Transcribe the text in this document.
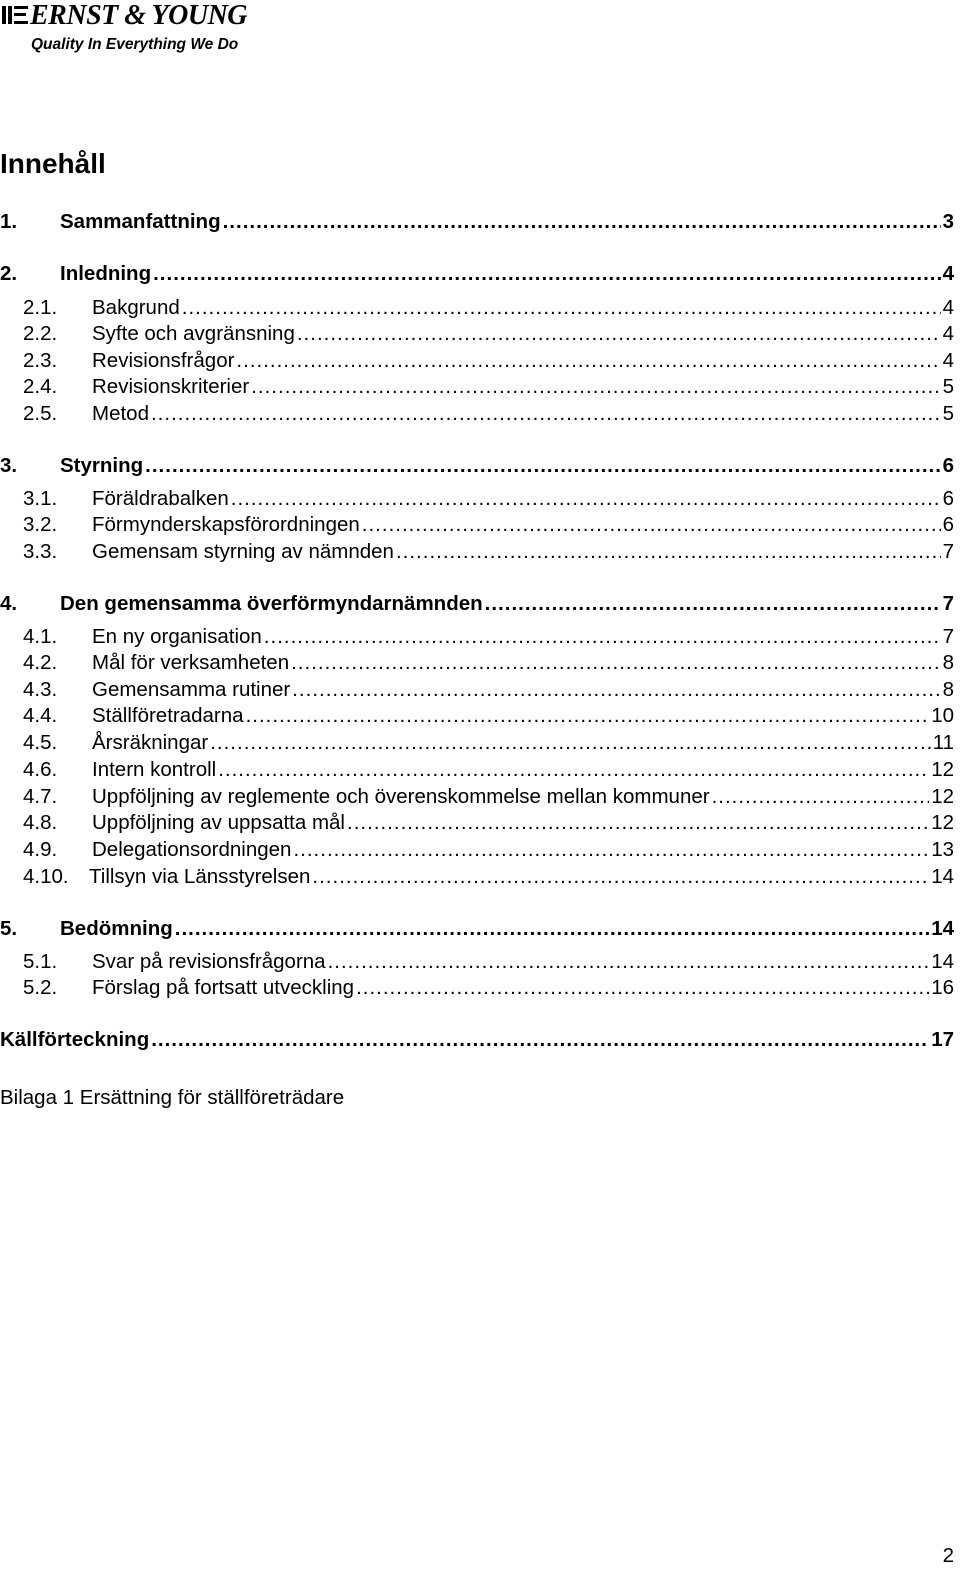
ERNST & YOUNG
Quality In Everything We Do
Innehåll
1.	Sammanfattning .....	3
2.	Inledning .....	4
2.1.	Bakgrund .....	4
2.2.	Syfte och avgränsning .....	4
2.3.	Revisionsfrågor .....	4
2.4.	Revisionskriterier .....	5
2.5.	Metod .....	5
3.	Styrning .....	6
3.1.	Föräldrabalken .....	6
3.2.	Förmynderskapsförordningen .....	6
3.3.	Gemensam styrning av nämnden .....	7
4.	Den gemensamma överförmyndarnämnden .....	7
4.1.	En ny organisation .....	7
4.2.	Mål för verksamheten .....	8
4.3.	Gemensamma rutiner .....	8
4.4.	Ställföretradarna .....	10
4.5.	Årsräkningar .....	11
4.6.	Intern kontroll .....	12
4.7.	Uppföljning av reglemente och överenskommelse mellan kommuner .....	12
4.8.	Uppföljning av uppsatta mål .....	12
4.9.	Delegationsordningen .....	13
4.10. Tillsyn via Länsstyrelsen .....	14
5.	Bedömning .....	14
5.1.	Svar på revisionsfrågorna .....	14
5.2.	Förslag på fortsatt utveckling .....	16
Källförteckning .....	17
Bilaga 1 Ersättning för ställföreträdare
2
